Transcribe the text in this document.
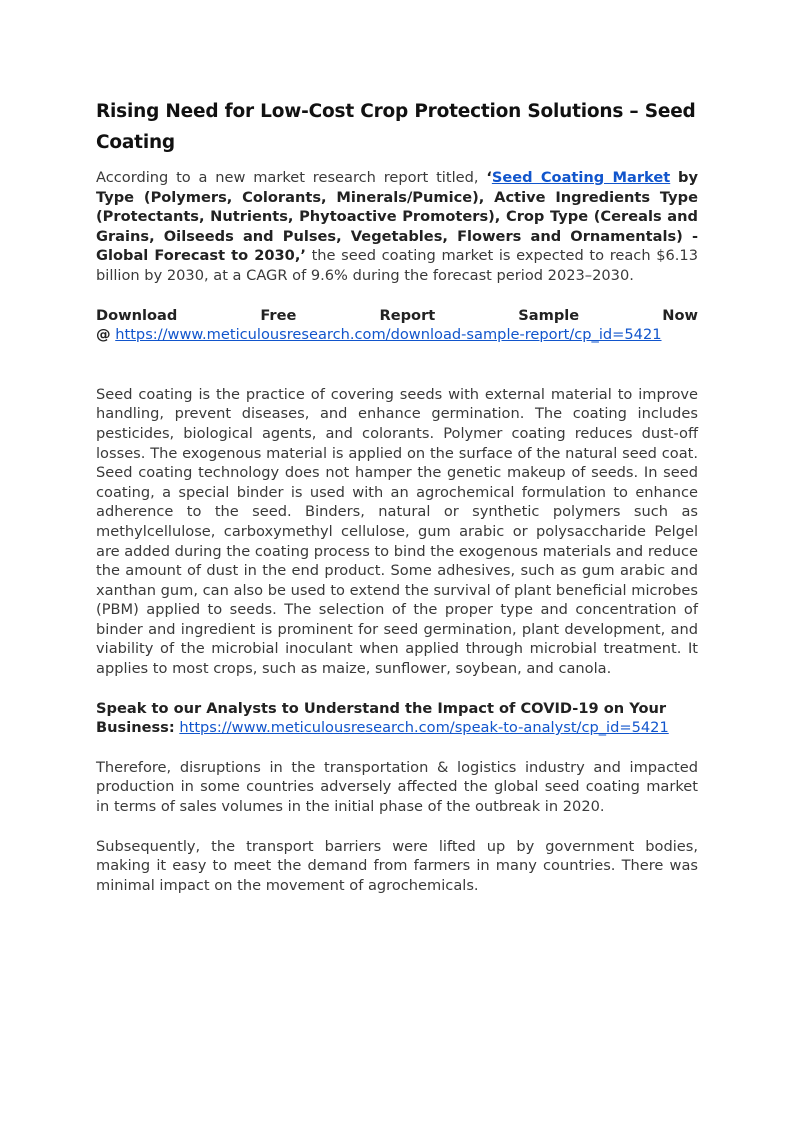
Rising Need for Low-Cost Crop Protection Solutions – Seed Coating

According to a new market research report titled, ‘Seed Coating Market by Type (Polymers, Colorants, Minerals/Pumice), Active Ingredients Type (Protectants, Nutrients, Phytoactive Promoters), Crop Type (Cereals and Grains, Oilseeds and Pulses, Vegetables, Flowers and Ornamentals) - Global Forecast to 2030,’ the seed coating market is expected to reach $6.13 billion by 2030, at a CAGR of 9.6% during the forecast period 2023–2030.

Download	Free	Report	Sample	Now
@ https://www.meticulousresearch.com/download-sample-report/cp_id=5421

Seed coating is the practice of covering seeds with external material to improve handling, prevent diseases, and enhance germination. The coating includes pesticides, biological agents, and colorants. Polymer coating reduces dust-off losses. The exogenous material is applied on the surface of the natural seed coat. Seed coating technology does not hamper the genetic makeup of seeds. In seed coating, a special binder is used with an agrochemical formulation to enhance adherence to the seed. Binders, natural or synthetic polymers such as methylcellulose, carboxymethyl cellulose, gum arabic or polysaccharide Pelgel are added during the coating process to bind the exogenous materials and reduce the amount of dust in the end product. Some adhesives, such as gum arabic and xanthan gum, can also be used to extend the survival of plant beneficial microbes (PBM) applied to seeds. The selection of the proper type and concentration of binder and ingredient is prominent for seed germination, plant development, and viability of the microbial inoculant when applied through microbial treatment. It applies to most crops, such as maize, sunflower, soybean, and canola.

Speak to our Analysts to Understand the Impact of COVID-19 on Your Business: https://www.meticulousresearch.com/speak-to-analyst/cp_id=5421

Therefore, disruptions in the transportation & logistics industry and impacted production in some countries adversely affected the global seed coating market in terms of sales volumes in the initial phase of the outbreak in 2020.

Subsequently, the transport barriers were lifted up by government bodies, making it easy to meet the demand from farmers in many countries. There was minimal impact on the movement of agrochemicals.
